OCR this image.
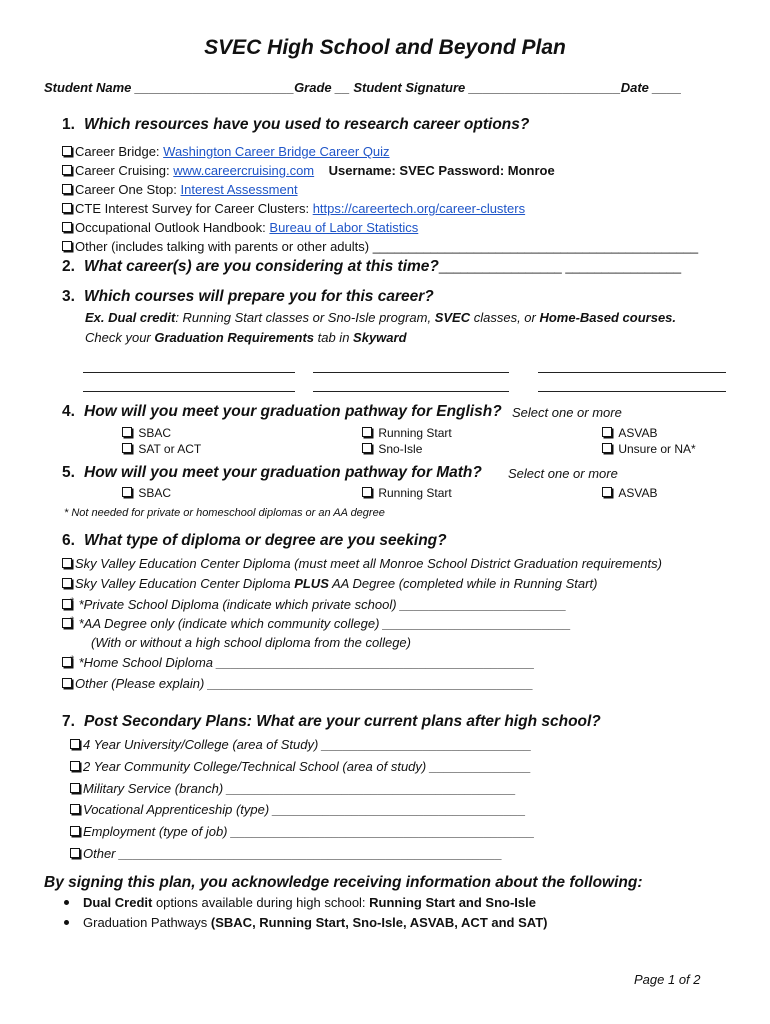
SVEC High School and Beyond Plan
Student Name ______________________Grade __ Student Signature _____________________Date ____
1. Which resources have you used to research career options?
Career Bridge: Washington Career Bridge Career Quiz
Career Cruising: www.careercruising.com Username: SVEC Password: Monroe
Career One Stop: Interest Assessment
CTE Interest Survey for Career Clusters: https://careertech.org/career-clusters
Occupational Outlook Handbook: Bureau of Labor Statistics
Other (includes talking with parents or other adults) _____________________________________________
2. What career(s) are you considering at this time?_________________ ________________
3. Which courses will prepare you for this career?
Ex. Dual credit: Running Start classes or Sno-Isle program, SVEC classes, or Home-Based courses.
Check your Graduation Requirements tab in Skyward
4. How will you meet your graduation pathway for English? Select one or more
SBAC
SAT or ACT
Running Start
Sno-Isle
ASVAB
Unsure or NA*
5. How will you meet your graduation pathway for Math? Select one or more
SBAC	Running Start	ASVAB
* Not needed for private or homeschool diplomas or an AA degree
6. What type of diploma or degree are you seeking?
Sky Valley Education Center Diploma (must meet all Monroe School District Graduation requirements)
Sky Valley Education Center Diploma PLUS AA Degree (completed while in Running Start)
* *Private School Diploma (indicate which private school) _______________________
* *AA Degree only (indicate which community college) __________________________
(With or without a high school diploma from the college)
* *Home School Diploma ____________________________________________
Other (Please explain) _____________________________________________
7. Post Secondary Plans: What are your current plans after high school?
4 Year University/College (area of Study) _____________________________
2 Year Community College/Technical School (area of study) ______________
Military Service (branch) ________________________________________
Vocational Apprenticeship (type) ___________________________________
Employment (type of job) __________________________________________
Other _____________________________________________________
By signing this plan, you acknowledge receiving information about the following:
Dual Credit options available during high school: Running Start and Sno-Isle
Graduation Pathways (SBAC, Running Start, Sno-Isle, ASVAB, ACT and SAT)
Page 1 of 2
